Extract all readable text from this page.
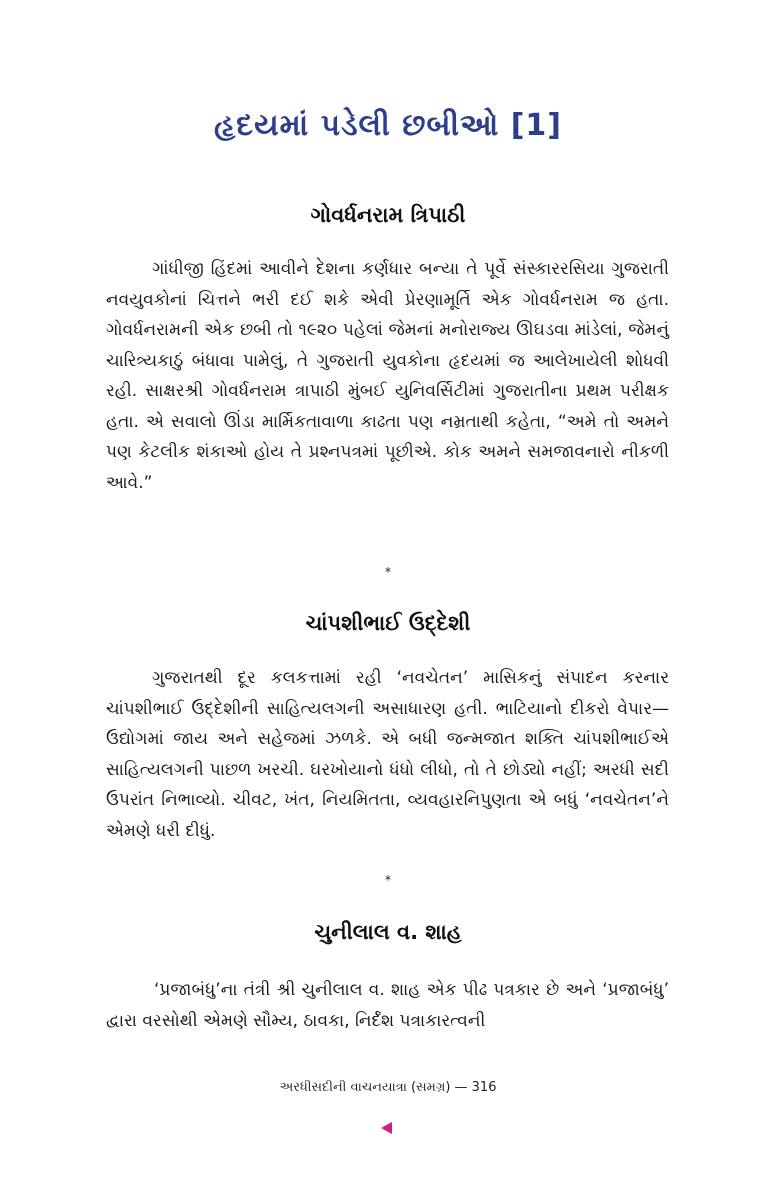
હૃદયમાં પડેલી છબીઓ [1]
ગોવર્ધનરામ ત્રિપાઠી

ગાંધીજી હિંદમાં આવીને દેશના કર્ણધાર બન્યા તે પૂર્વે સંસ્કારરસિયા ગુજરાતી નવયુવકોનાં ચિત્તને ભરી દઈ શકે એવી પ્રેરણામૂર્તિ એક ગોવર્ધનરામ જ હતા. ગોવર્ધનરામની એક છબી તો ૧૯૨૦ પહેલાં જેમનાં મનોરાજ્ય ઊઘડવા માંડેલાં, જેમનું ચારિત્ર્યકાઠું બંધાવા પામેલું, તે ગુજરાતી યુવકોના હૃદયમાં જ આલેખાયેલી શોધવી રહી. સાક્ષરશ્રી ગોવર્ધનરામ ત્રાપાઠી મુંબઈ યુનિવર્સિટીમાં ગુજરાતીના પ્રથમ પરીક્ષક હતા. એ સવાલો ઊંડા માર્મિકતાવાળા કાઢતા પણ નમ્રતાથી કહેતા, “અમે તો અમને પણ કેટલીક શંકાઓ હોય તે પ્રશ્નપત્રમાં પૂછીએ. કોક અમને સમજાવનારો નીકળી આવે.”

*
ચાંપશીભાઈ ઉદ્દેશી

ગુજરાતથી દૂર કલકત્તામાં રહી ‘નવચેતન’ માસિકનું સંપાદન કરનાર ચાંપશીભાઈ ઉદ્દેશીની સાહિત્યલગની અસાધારણ હતી. ભાટિયાનો દીકરો વેપાર—ઉદ્યોગમાં જાય અને સહેજમાં ઝળકે. એ બધી જન્મજાત શક્તિ ચાંપશીભાઈએ સાહિત્યલગની પાછળ ખરચી. ઘરખોયાનો ધંધો લીધો, તો તે છોડ્યો નહીં; અરધી સદી ઉપરાંત નિભાવ્યો. ચીવટ, ખંત, નિયમિતતા, વ્યવહારનિપુણતા એ બધું ‘નવચેતન’ને એમણે ધરી દીધું.

*
ચુનીલાલ વ. શાહ

‘પ્રજાબંધુ’ના તંત્રી શ્રી ચુનીલાલ વ. શાહ એક પીઢ પત્રકાર છે અને ‘પ્રજાબંધુ’ દ્વારા વરસોથી એમણે સૌમ્ય, ઠાવકા, નિર્દંશ પત્રાકારત્વની

અરધીસદીની વાચનયાત્રા (સમગ્ર) — 316
